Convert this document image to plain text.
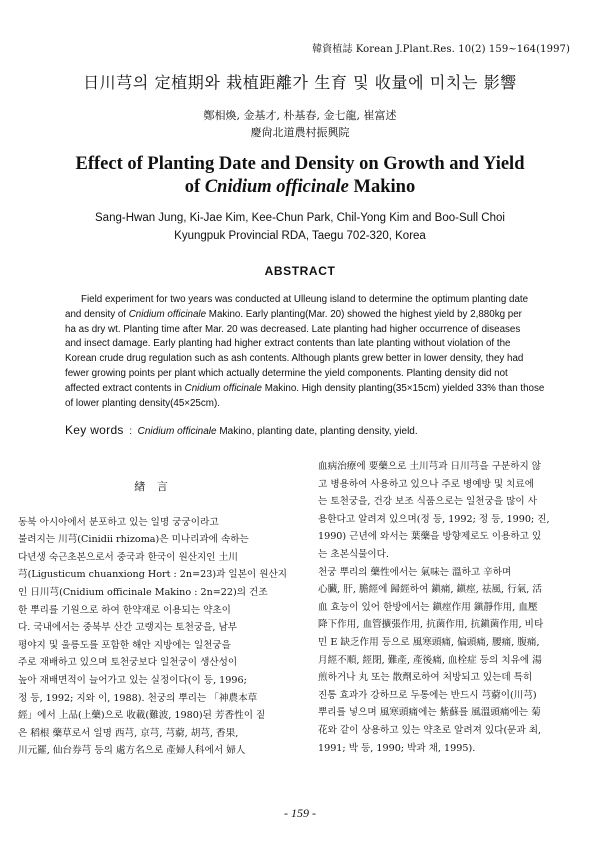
韓資植誌 Korean J.Plant.Res. 10(2) 159~164(1997)
日川芎의 定植期와 栽植距離가 生育 및 收量에 미치는 影響
鄭相煥, 金基才, 朴基春, 金七龍, 崔富述
慶尙北道農村振興院
Effect of Planting Date and Density on Growth and Yield
of Cnidium officinale Makino
Sang-Hwan Jung, Ki-Jae Kim, Kee-Chun Park, Chil-Yong Kim and Boo-Sull Choi
Kyungpuk Provincial RDA, Taegu 702-320, Korea
ABSTRACT
Field experiment for two years was conducted at Ulleung island to determine the optimum planting date
and density of Cnidium officinale Makino. Early planting(Mar. 20) showed the highest yield by 2,880kg per
ha as dry wt. Planting time after Mar. 20 was decreased. Late planting had higher occurrence of diseases
and insect damage. Early planting had higher extract contents than late planting without violation of the
Korean crude drug regulation such as ash contents. Although plants grew better in lower density, they had
fewer growing points per plant which actually determine the yield components. Planting density did not
affected extract contents in Cnidium officinale Makino. High density planting(35×15cm) yielded 33% than those
of lower planting density(45×25cm).
Key words : Cnidium officinale Makino, planting date, planting density, yield.
緖 言
동북 아시아에서 분포하고 있는 일명 궁궁이라고
불려지는 川芎(Cinidii rhizoma)은 미나리과에 속하는
다년생 숙근초본으로서 중국과 한국이 원산지인 土川
芎(Ligusticum chuanxiong Hort : 2n=23)과 일본이 원산지
인 日川芎(Cnidium officinale Makino : 2n=22)의 건조
한 뿌리를 기원으로 하여 한약재로 이용되는 약초이
다. 국내에서는 중북부 산간 고랭지는 토천궁을, 남부
평야지 및 울릉도를 포함한 해안 지방에는 일천궁을
주로 재배하고 있으며 토천궁보다 일천궁이 생산성이
높아 재배면적이 늘어가고 있는 실정이다(이 등, 1996;
정 등, 1992; 지와 이, 1988). 천궁의 뿌리는 「神農本草
經」에서 上品(上藥)으로 收載(難波, 1980)된 芳香性이 짙
은 稻根 藥草로서 일명 西芎, 京芎, 芎藭, 胡芎, 香果,
川元羅, 仙台券芎 등의 處方名으로 產婦人科에서 婦人
血病治療에 要藥으로 土川芎과 日川芎을 구분하지 않
고 병용하여 사용하고 있으나 주로 병예방 및 치료에
는 토천궁을, 건강 보조 식품으로는 일천궁을 많이 사
용한다고 알려져 있으며(정 등, 1992; 정 등, 1990; 진,
1990) 근년에 와서는 葉藥을 방향제로도 이용하고 있
는 초본식물이다.
천궁 뿌리의 藥性에서는 氣味는 溫하고 辛하며
心臟, 肝, 膽經에 歸經하여 鎭痛, 鎭痙, 祛風, 行氣, 活
血 효능이 있어 한방에서는 鎭痙作用 鎭靜作用, 血壓
降下作用, 血管擴張作用, 抗菌作用, 抗鎭菌作用, 비타
민 E 缺乏作用 등으로 風寒頭痛, 偏頭痛, 腰痛, 腹痛,
月經不順, 經閉, 難產, 產後痛, 血栓症 등의 치유에 湯
煎하거나 丸 또는 散劑로하여 처방되고 있는데 특히
진통 효과가 강하므로 두통에는 반드시 芎藭이(川芎)
뿌리를 넣으며 風寒頭痛에는 紫蘇를 風溫頭痛에는 菊
花와 같이 상용하고 있는 약초로 알려져 있다(문과 최,
1991; 박 등, 1990; 박과 채, 1995).
- 159 -
